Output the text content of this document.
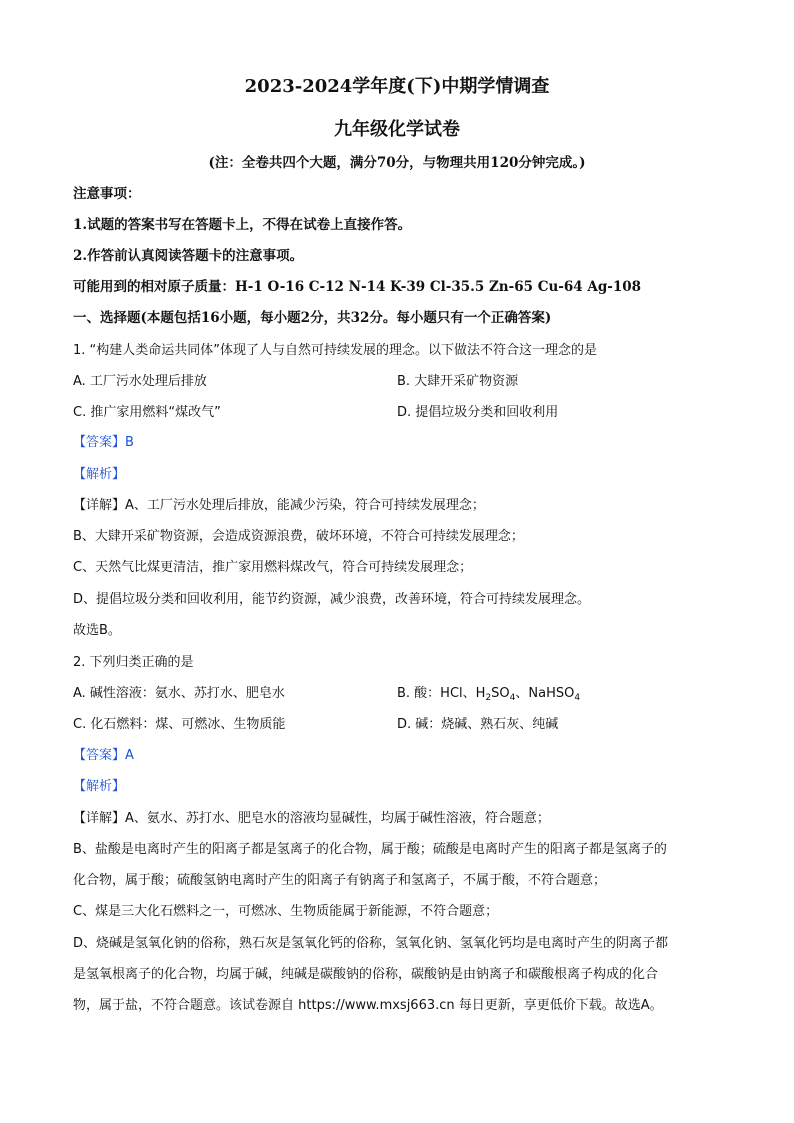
2023-2024学年度(下)中期学情调查
九年级化学试卷
(注：全卷共四个大题，满分70分，与物理共用120分钟完成。)
注意事项：
1.试题的答案书写在答题卡上，不得在试卷上直接作答。
2.作答前认真阅读答题卡的注意事项。
可能用到的相对原子质量：H-1 O-16 C-12 N-14 K-39 Cl-35.5 Zn-65 Cu-64 Ag-108
一、选择题(本题包括16小题，每小题2分，共32分。每小题只有一个正确答案)
1. “构建人类命运共同体”体现了人与自然可持续发展的理念。以下做法不符合这一理念的是
A. 工厂污水处理后排放	B. 大肆开采矿物资源
C. 推广家用燃料“煤改气”	D. 提倡垃圾分类和回收利用
【答案】B
【解析】
【详解】A、工厂污水处理后排放，能减少污染，符合可持续发展理念；
B、大肆开采矿物资源，会造成资源浪费，破坏环境，不符合可持续发展理念；
C、天然气比煤更清洁，推广家用燃料煤改气，符合可持续发展理念；
D、提倡垃圾分类和回收利用，能节约资源，减少浪费，改善环境，符合可持续发展理念。
故选B。
2. 下列归类正确的是
A. 碱性溶液：氨水、苏打水、肥皂水	B. 酸：HCl、$H_2SO_4$、NaHSO$_4$
C. 化石燃料：煤、可燃冰、生物质能	D. 碱：烧碱、熟石灰、纯碱
【答案】A
【解析】
【详解】A、氨水、苏打水、肥皂水的溶液均显碱性，均属于碱性溶液，符合题意；
B、盐酸是电离时产生的阳离子都是氢离子的化合物，属于酸；硫酸是电离时产生的阳离子都是氢离子的
化合物，属于酸；硫酸氢钠电离时产生的阳离子有钠离子和氢离子，不属于酸，不符合题意；
C、煤是三大化石燃料之一，可燃冰、生物质能属于新能源，不符合题意；
D、烧碱是氢氧化钠的俗称，熟石灰是氢氧化钙的俗称，氢氧化钠、氢氧化钙均是电离时产生的阴离子都
是氢氧根离子的化合物，均属于碱，纯碱是碳酸钠的俗称，碳酸钠是由钠离子和碳酸根离子构成的化合
物，属于盐，不符合题意。该试卷源自 https://www.mxsj663.cn 每日更新，享更低价下载。故选A。
